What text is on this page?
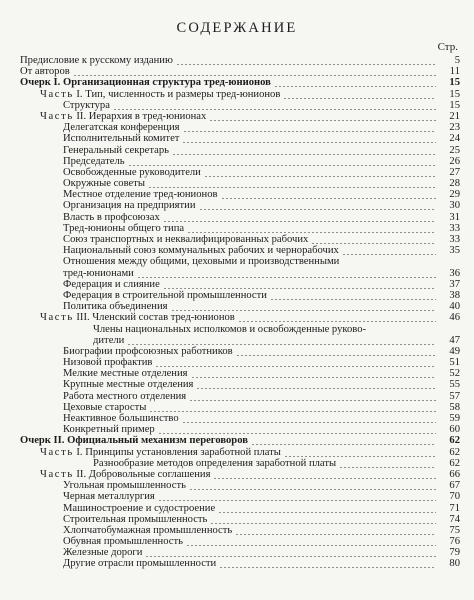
СОДЕРЖАНИЕ
Стр.
Предисловие к русскому изданию	5
От авторов	11
Очерк I. Организационная структура тред-юнионов	15
Часть I. Тип, численность и размеры тред-юнионов	15
Структура	15
Часть II. Иерархия в тред-юнионах	21
Делегатская конференция	23
Исполнительный комитет	24
Генеральный секретарь	25
Председатель	26
Освобожденные руководители	27
Окружные советы	28
Местное отделение тред-юнионов	29
Организация на предприятии	30
Власть в профсоюзах	31
Тред-юнионы общего типа	33
Союз транспортных и неквалифицированных рабочих	33
Национальный союз коммунальных рабочих и чернорабочих	35
Отношения между общими, цеховыми и производственными
тред-юнионами	36
Федерация и слияние	37
Федерация в строительной промышленности	38
Политика объединения	40
Часть III. Членский состав тред-юнионов	46
Члены национальных исполкомов и освобожденные руково-
дители	47
Биографии профсоюзных работников	49
Низовой профактив	51
Мелкие местные отделения	52
Крупные местные отделения	55
Работа местного отделения	57
Цеховые старосты	58
Неактивное большинство	59
Конкретный пример	60
Очерк II. Официальный механизм переговоров	62
Часть I. Принципы установления заработной платы	62
Разнообразие методов определения заработной платы	62
Часть II. Добровольные соглашения	66
Угольная промышленность	67
Черная металлургия	70
Машиностроение и судостроение	71
Строительная промышленность	74
Хлопчатобумажная промышленность	75
Обувная промышленность	76
Железные дороги	79
Другие отрасли промышленности	80
